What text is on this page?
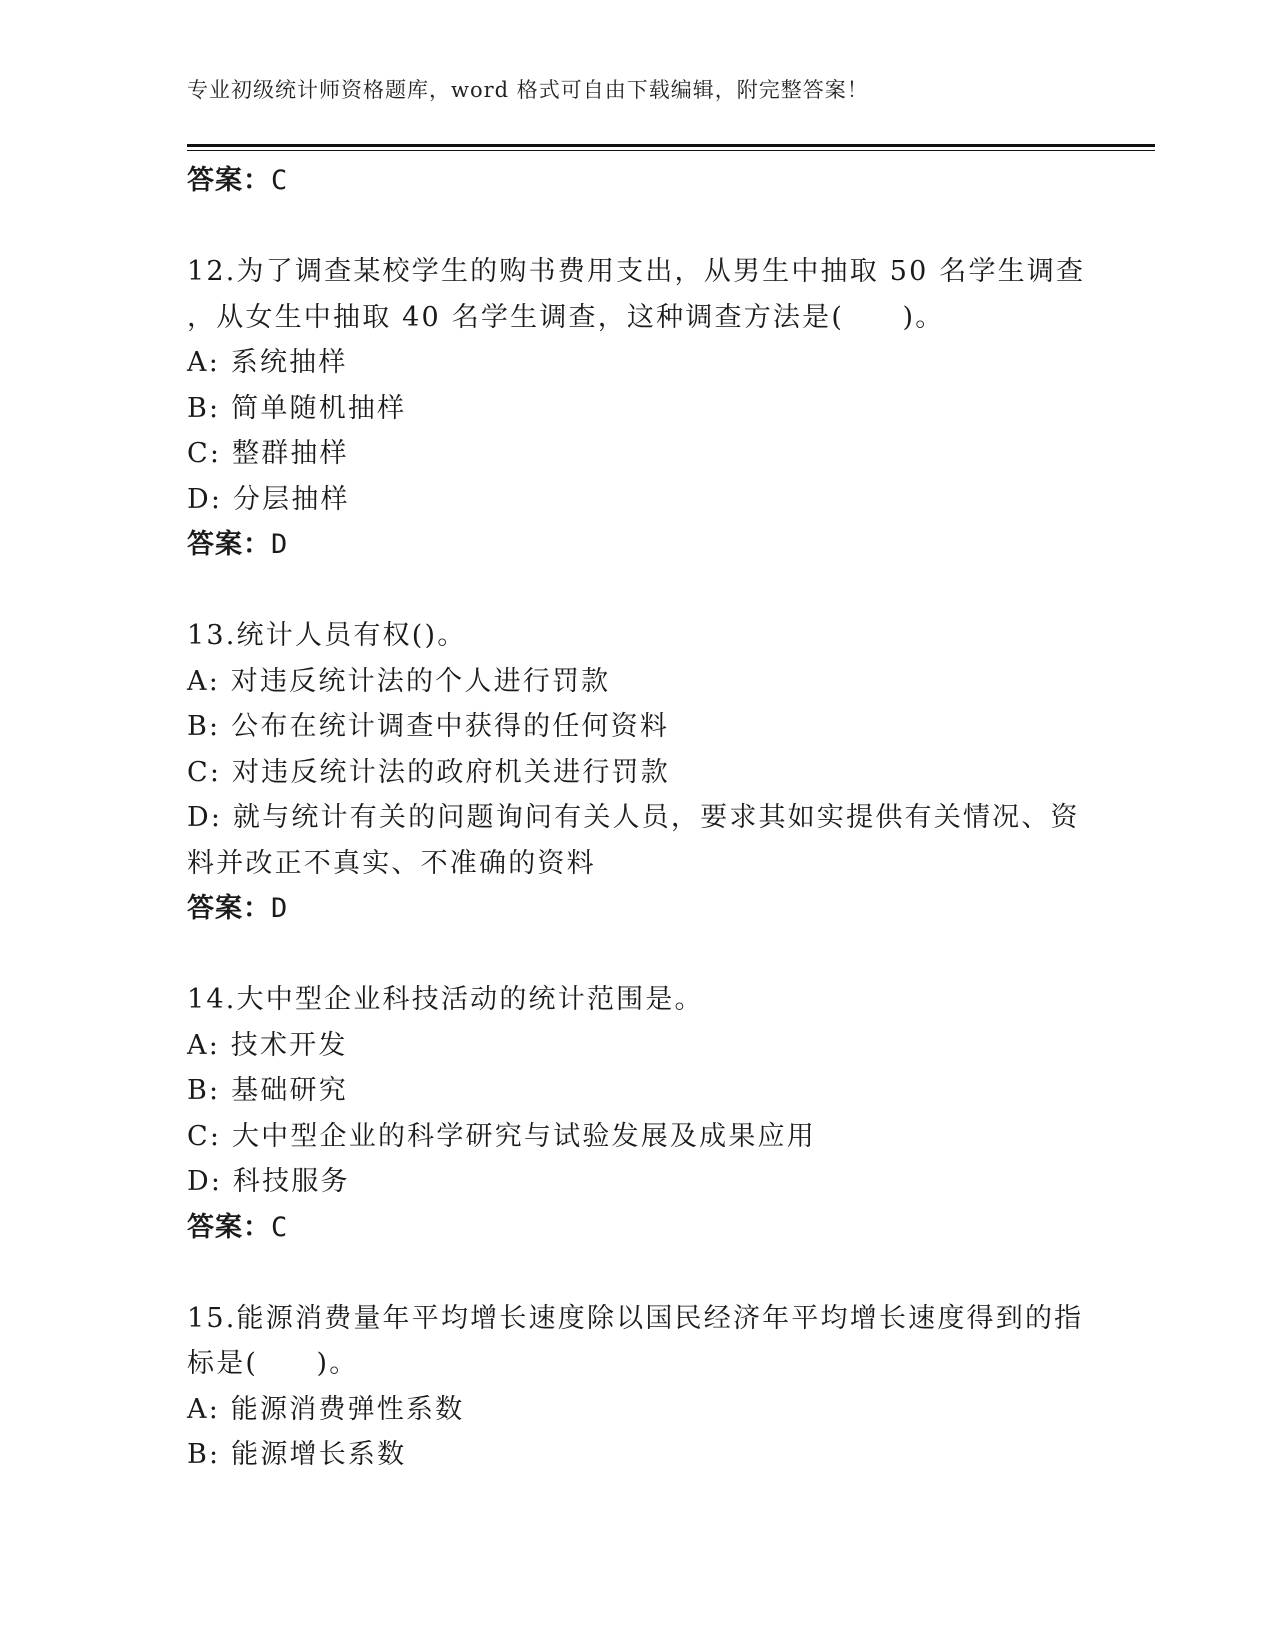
专业初级统计师资格题库，word 格式可自由下载编辑，附完整答案！
答案：C
12.为了调查某校学生的购书费用支出，从男生中抽取 50 名学生调查
，从女生中抽取 40 名学生调查，这种调查方法是(　　)。
A: 系统抽样
B: 简单随机抽样
C: 整群抽样
D: 分层抽样
答案：D
13.统计人员有权()。
A: 对违反统计法的个人进行罚款
B: 公布在统计调查中获得的任何资料
C: 对违反统计法的政府机关进行罚款
D: 就与统计有关的问题询问有关人员，要求其如实提供有关情况、资
料并改正不真实、不准确的资料
答案：D
14.大中型企业科技活动的统计范围是。
A: 技术开发
B: 基础研究
C: 大中型企业的科学研究与试验发展及成果应用
D: 科技服务
答案：C
15.能源消费量年平均增长速度除以国民经济年平均增长速度得到的指
标是(　　)。
A: 能源消费弹性系数
B: 能源增长系数
